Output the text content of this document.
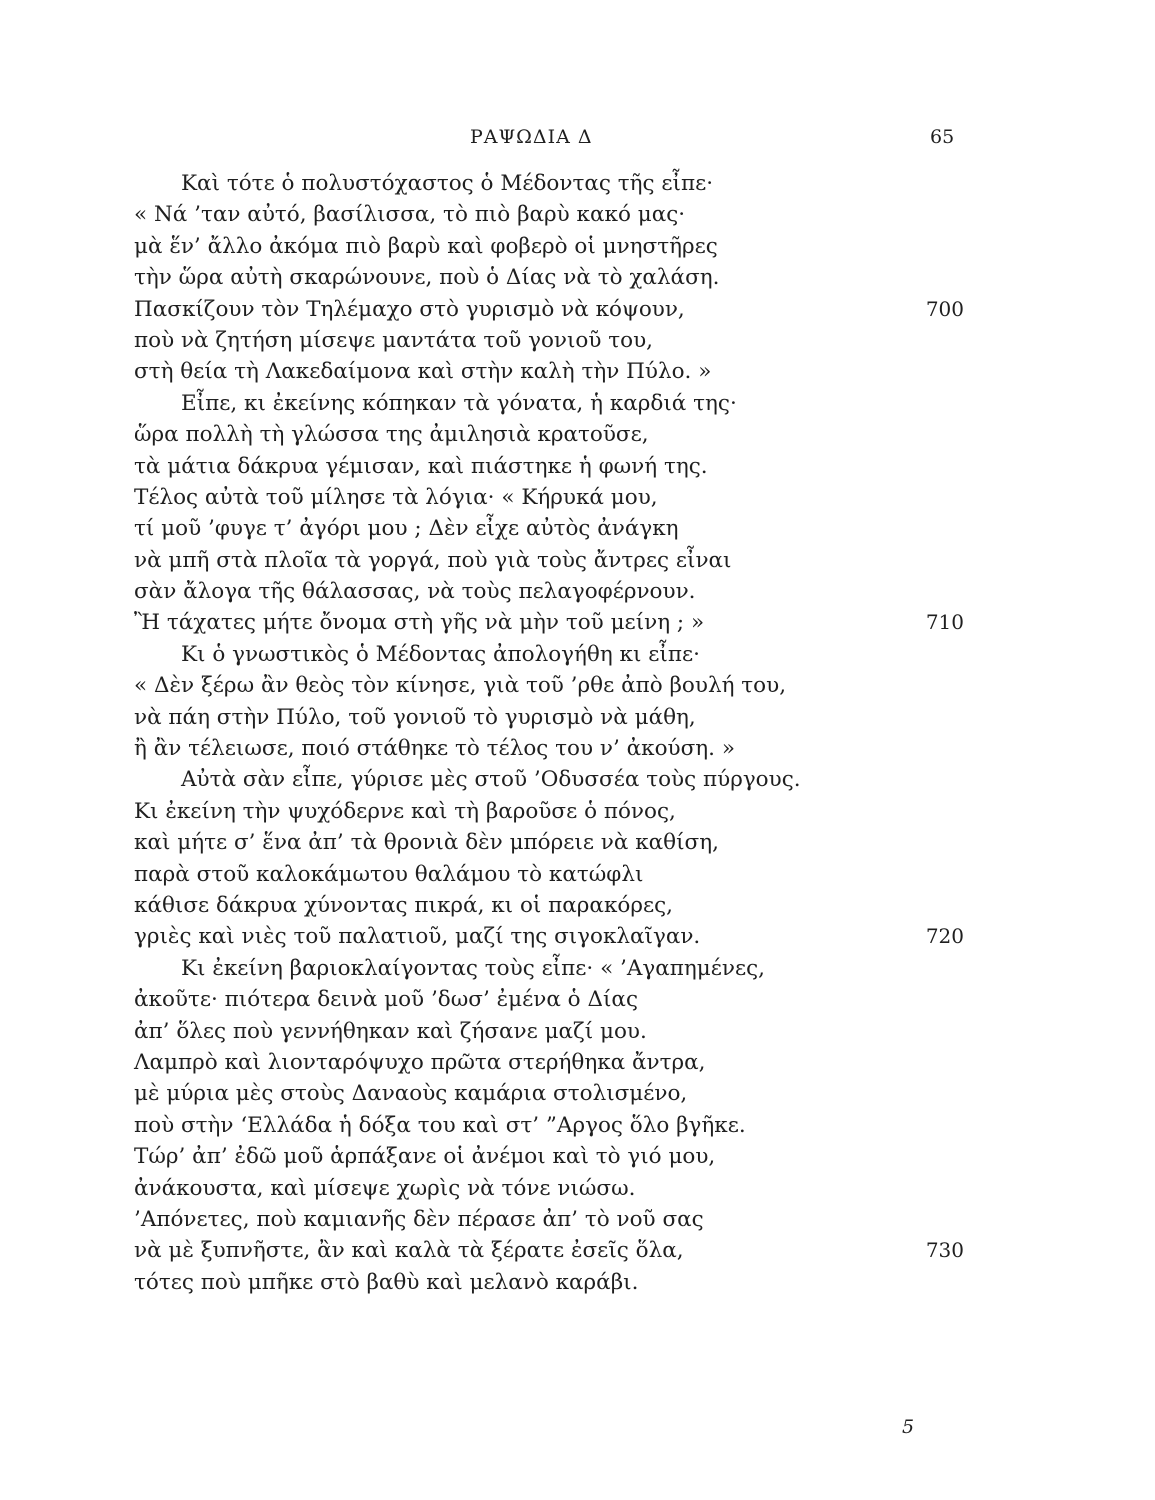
ΡΑΨΩΔΙΑ Δ	65
Καὶ τότε ὁ πολυστόχαστος ὁ Μέδοντας τῆς εἶπε·
« Νά ’ταν αὐτό, βασίλισσα, τὸ πιὸ βαρὺ κακό μας·
μὰ ἕν’ ἄλλο ἀκόμα πιὸ βαρὺ καὶ φοβερὸ οἱ μνηστῆρες
τὴν ὥρα αὐτὴ σκαρώνουνε, ποὺ ὁ Δίας νὰ τὸ χαλάση.
Πασκίζουν τὸν Τηλέμαχο στὸ γυρισμὸ νὰ κόψουν,	700
ποὺ νὰ ζητήση μίσεψε μαντάτα τοῦ γονιοῦ του,
στὴ θεία τὴ Λακεδαίμονα καὶ στὴν καλὴ τὴν Πύλο. »
Εἶπε, κι ἐκείνης κόπηκαν τὰ γόνατα, ἡ καρδιά της·
ὥρα πολλὴ τὴ γλώσσα της ἀμιλησιὰ κρατοῦσε,
τὰ μάτια δάκρυα γέμισαν, καὶ πιάστηκε ἡ φωνή της.
Τέλος αὐτὰ τοῦ μίλησε τὰ λόγια· « Κήρυκά μου,
τί μοῦ ’φυγε τ’ ἀγόρι μου ; Δὲν εἶχε αὐτὸς ἀνάγκη
νὰ μπῆ στὰ πλοῖα τὰ γοργά, ποὺ γιὰ τοὺς ἄντρες εἶναι
σὰν ἄλογα τῆς θάλασσας, νὰ τοὺς πελαγοφέρνουν.
Ἢ τάχατες μήτε ὄνομα στὴ γῆς νὰ μὴν τοῦ μείνη ; »	710
Κι ὁ γνωστικὸς ὁ Μέδοντας ἀπολογήθη κι εἶπε·
« Δὲν ξέρω ἂν θεὸς τὸν κίνησε, γιὰ τοῦ ’ρθε ἀπὸ βουλή του,
νὰ πάη στὴν Πύλο, τοῦ γονιοῦ τὸ γυρισμὸ νὰ μάθη,
ἢ ἂν τέλειωσε, ποιό στάθηκε τὸ τέλος του ν’ ἀκούση. »
Αὐτὰ σὰν εἶπε, γύρισε μὲς στοῦ ’Οδυσσέα τοὺς πύργους.
Κι ἐκείνη τὴν ψυχόδερνε καὶ τὴ βαροῦσε ὁ πόνος,
καὶ μήτε σ’ ἕνα ἀπ’ τὰ θρονιὰ δὲν μπόρειε νὰ καθίση,
παρὰ στοῦ καλοκάμωτου θαλάμου τὸ κατώφλι
κάθισε δάκρυα χύνοντας πικρά, κι οἱ παρακόρες,
γριὲς καὶ νιὲς τοῦ παλατιοῦ, μαζί της σιγοκλαῖγαν.	720
Κι ἐκείνη βαριοκλαίγοντας τοὺς εἶπε· « ’Αγαπημένες,
ἀκοῦτε· πιότερα δεινὰ μοῦ ’δωσ’ ἐμένα ὁ Δίας
ἀπ’ ὅλες ποὺ γεννήθηκαν καὶ ζήσανε μαζί μου.
Λαμπρὸ καὶ λιονταρόψυχο πρῶτα στερήθηκα ἄντρα,
μὲ μύρια μὲς στοὺς Δαναοὺς καμάρια στολισμένο,
ποὺ στὴν ‘Ελλάδα ἡ δόξα του καὶ στ’ ”Αργος ὅλο βγῆκε.
Τώρ’ ἀπ’ ἐδῶ μοῦ ἁρπάξανε οἱ ἀνέμοι καὶ τὸ γιό μου,
ἀνάκουστα, καὶ μίσεψε χωρὶς νὰ τόνε νιώσω.
’Απόνετες, ποὺ καμιανῆς δὲν πέρασε ἀπ’ τὸ νοῦ σας
νὰ μὲ ξυπνῆστε, ἂν καὶ καλὰ τὰ ξέρατε ἐσεῖς ὅλα,	730
τότες ποὺ μπῆκε στὸ βαθὺ καὶ μελανὸ καράβι.
5
